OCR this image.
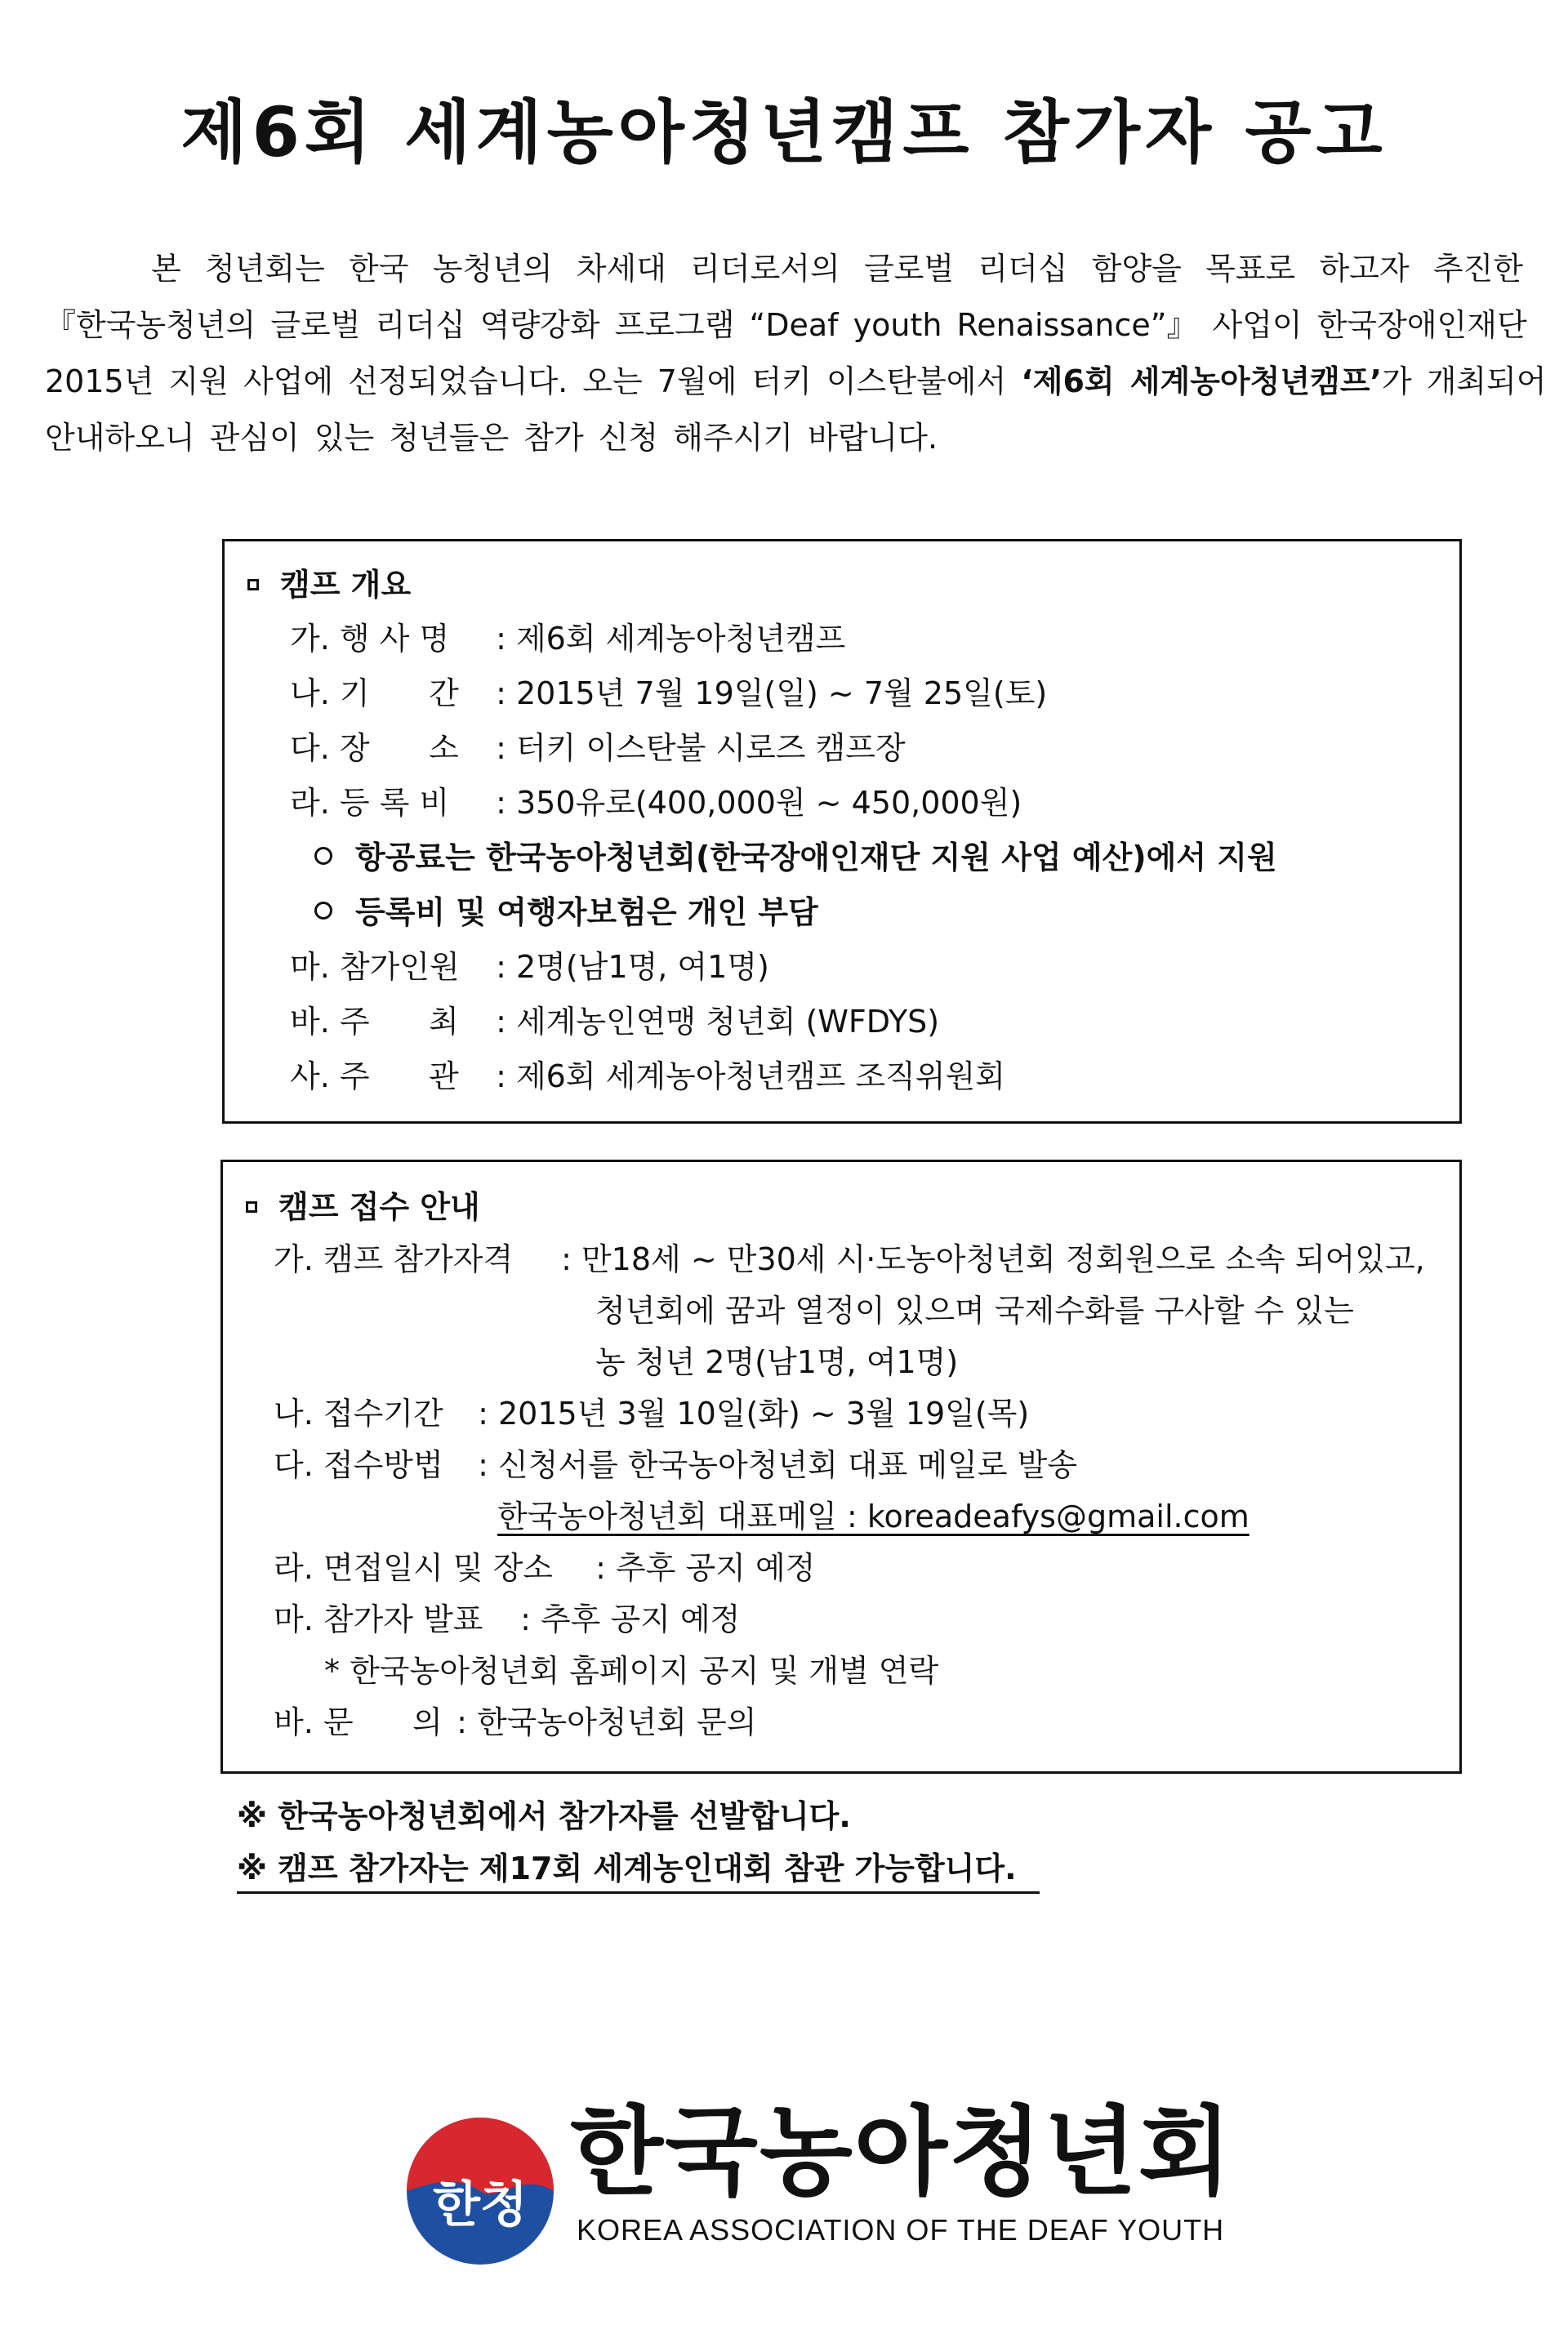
제6회 세계농아청년캠프 참가자 공고
본 청년회는 한국 농청년의 차세대 리더로서의 글로벌 리더십 함양을 목표로 하고자 추진한
『한국농청년의 글로벌 리더십 역량강화 프로그램 “Deaf youth Renaissance”』 사업이 한국장애인재단
2015년 지원 사업에 선정되었습니다. 오는 7월에 터키 이스탄불에서 ‘제6회 세계농아청년캠프’가 개최되어
안내하오니 관심이 있는 청년들은 참가 신청 해주시기 바랍니다.
캠프 개요
가. 행 사 명 : 제6회 세계농아청년캠프
나. 기      간 : 2015년 7월 19일(일) ~ 7월 25일(토)
다. 장      소 : 터키 이스탄불 시로즈 캠프장
라. 등 록 비 : 350유로(400,000원 ~ 450,000원)
항공료는 한국농아청년회(한국장애인재단 지원 사업 예산)에서 지원
등록비 및 여행자보험은 개인 부담
마. 참가인원 : 2명(남1명, 여1명)
바. 주      최 : 세계농인연맹 청년회 (WFDYS)
사. 주      관 : 제6회 세계농아청년캠프 조직위원회
캠프 접수 안내
가. 캠프 참가자격 : 만18세 ~ 만30세 시·도농아청년회 정회원으로 소속 되어있고,
청년회에 꿈과 열정이 있으며 국제수화를 구사할 수 있는
농 청년 2명(남1명, 여1명)
나. 접수기간 : 2015년 3월 10일(화) ~ 3월 19일(목)
다. 접수방법 : 신청서를 한국농아청년회 대표 메일로 발송
한국농아청년회 대표메일 : koreadeafys@gmail.com
라. 면접일시 및 장소 : 추후 공지 예정
마. 참가자 발표 : 추후 공지 예정
* 한국농아청년회 홈페이지 공지 및 개별 연락
바. 문      의 : 한국농아청년회 문의
※ 한국농아청년회에서 참가자를 선발합니다.
※ 캠프 참가자는 제17회 세계농인대회 참관 가능합니다.
한청 한국농아청년회
KOREA ASSOCIATION OF THE DEAF YOUTH
